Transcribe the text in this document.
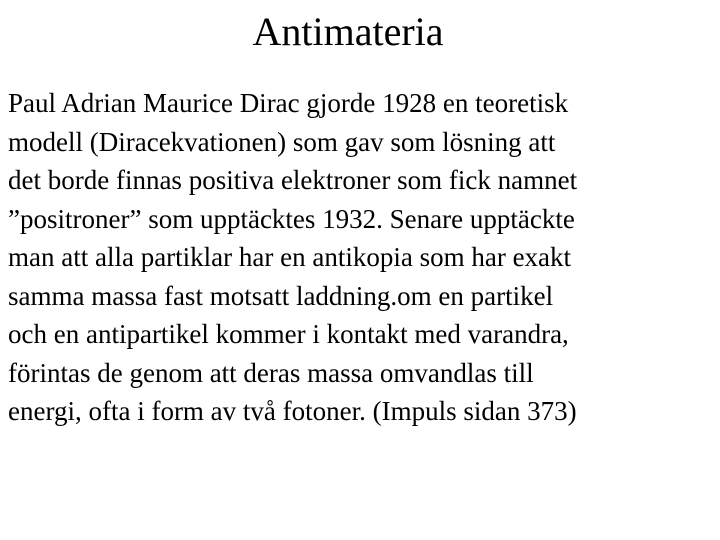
Antimateria
Paul Adrian Maurice Dirac gjorde 1928 en teoretisk
modell (Diracekvationen) som gav som lösning att
det borde finnas positiva elektroner som fick namnet
”positroner” som upptäcktes 1932. Senare upptäckte
man att alla partiklar har en antikopia som har exakt
samma massa fast motsatt laddning.om en partikel
och en antipartikel kommer i kontakt med varandra,
förintas de genom att deras massa omvandlas till
energi, ofta i form av två fotoner. (Impuls sidan 373)
